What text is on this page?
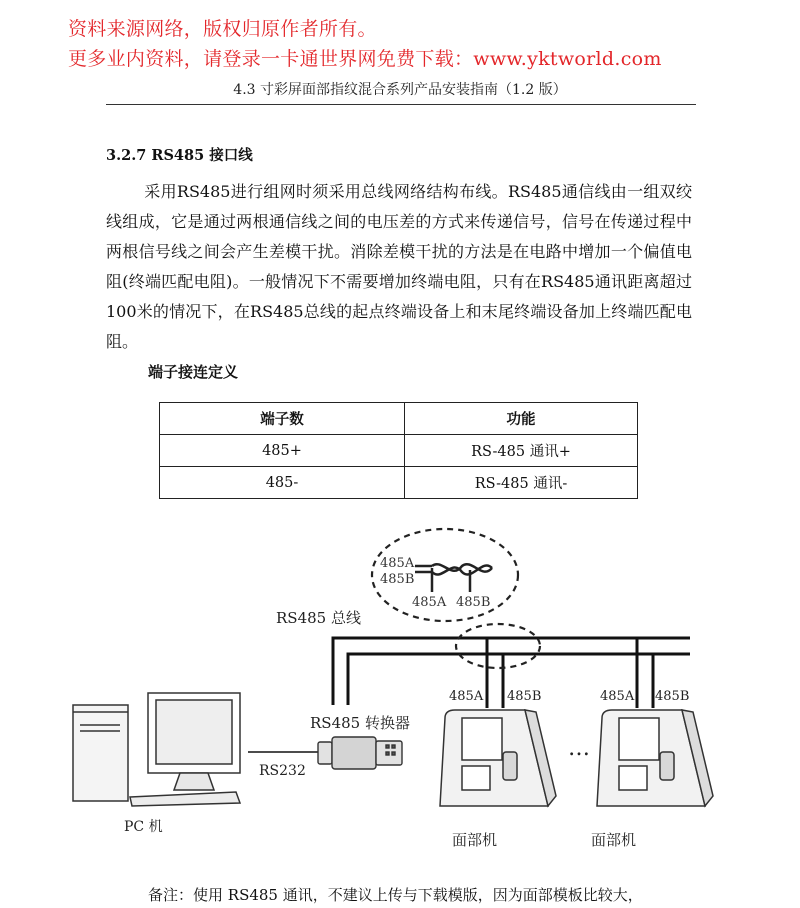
资料来源网络，版权归原作者所有。
更多业内资料，请登录一卡通世界网免费下载：www.yktworld.com
4.3 寸彩屏面部指纹混合系列产品安装指南（1.2 版）
3.2.7 RS485 接口线
采用RS485进行组网时须采用总线网络结构布线。RS485通信线由一组双绞线组成，它是通过两根通信线之间的电压差的方式来传递信号，信号在传递过程中两根信号线之间会产生差模干扰。消除差模干扰的方法是在电路中增加一个偏值电阻(终端匹配电阻)。一般情况下不需要增加终端电阻，只有在RS485通讯距离超过100米的情况下，在RS485总线的起点终端设备上和末尾终端设备加上终端匹配电阻。
端子接连定义
端子数	功能
485+	RS-485 通讯+
485-	RS-485 通讯-
485A
485B
485A 485B
RS485 总线
485A 485B	485A 485B
PC 机
RS232
RS485 转换器
…
面部机	面部机
备注：使用 RS485 通讯，不建议上传与下载模版，因为面部模板比较大，
